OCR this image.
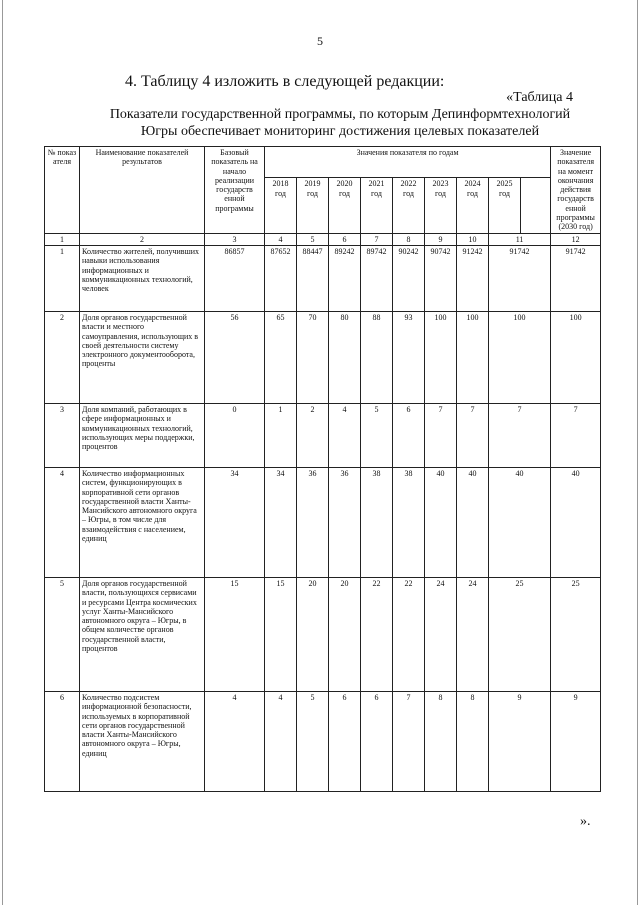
5
4. Таблицу 4 изложить в следующей редакции:
«Таблица 4
Показатели государственной программы, по которым Депинформтехнологий
Югры обеспечивает мониторинг достижения целевых показателей
№ показ ателя	Наименование показателей результатов	Базовый показатель на начало реализации государств енной программы	Значения показателя по годам									Значение показателя на момент окончания действия государств енной программы (2030 год)
			2018 год	2019 год	2020 год	2021 год	2022 год	2023 год	2024 год	2025 год		
1	2	3	4	5	6	7	8	9	10	11		12
1	Количество жителей, получивших навыки использования информационных и коммуникационных технологий, человек	86857	87652	88447	89242	89742	90242	90742	91242	91742		91742
2	Доля органов государственной власти и местного самоуправления, использующих в своей деятельности систему электронного документооборота, проценты	56	65	70	80	88	93	100	100	100		100
3	Доля компаний, работающих в сфере информационных и коммуникационных технологий, использующих меры поддержки, процентов	0	1	2	4	5	6	7	7	7		7
4	Количество информационных систем, функционирующих в корпоративной сети органов государственной власти Ханты-Мансийского автономного округа – Югры, в том числе для взаимодействия с населением, единиц	34	34	36	36	38	38	40	40	40		40
5	Доля органов государственной власти, пользующихся сервисами и ресурсами Центра космических услуг Ханты-Мансийского автономного округа – Югры, в общем количестве органов государственной власти, процентов	15	15	20	20	22	22	24	24	25		25
6	Количество подсистем информационной безопасности, используемых в корпоративной сети органов государственной власти Ханты-Мансийского автономного округа – Югры, единиц	4	4	5	6	6	7	8	8	9		9
».
